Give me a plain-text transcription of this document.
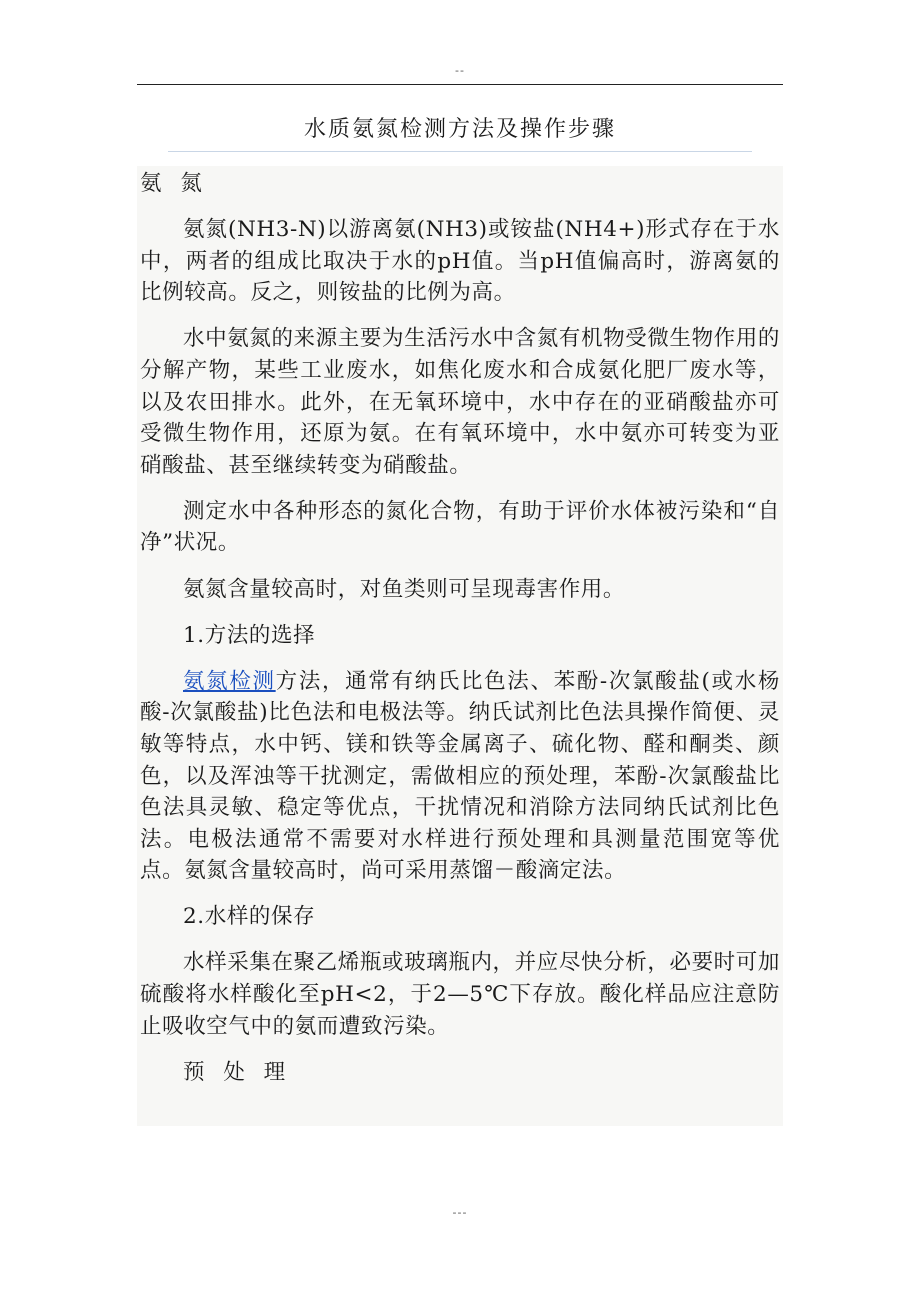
--
水质氨氮检测方法及操作步骤

氨 氮

氨氮(NH3-N)以游离氨(NH3)或铵盐(NH4+)形式存在于水中，两者的组成比取决于水的pH值。当pH值偏高时，游离氨的比例较高。反之，则铵盐的比例为高。

水中氨氮的来源主要为生活污水中含氮有机物受微生物作用的分解产物，某些工业废水，如焦化废水和合成氨化肥厂废水等，以及农田排水。此外，在无氧环境中，水中存在的亚硝酸盐亦可受微生物作用，还原为氨。在有氧环境中，水中氨亦可转变为亚硝酸盐、甚至继续转变为硝酸盐。

测定水中各种形态的氮化合物，有助于评价水体被污染和“自净”状况。

氨氮含量较高时，对鱼类则可呈现毒害作用。

1.方法的选择

氨氮检测方法，通常有纳氏比色法、苯酚-次氯酸盐(或水杨酸-次氯酸盐)比色法和电极法等。纳氏试剂比色法具操作简便、灵敏等特点，水中钙、镁和铁等金属离子、硫化物、醛和酮类、颜色，以及浑浊等干扰测定，需做相应的预处理，苯酚-次氯酸盐比色法具灵敏、稳定等优点，干扰情况和消除方法同纳氏试剂比色法。电极法通常不需要对水样进行预处理和具测量范围宽等优点。氨氮含量较高时，尚可采用蒸馏－酸滴定法。

2.水样的保存

水样采集在聚乙烯瓶或玻璃瓶内，并应尽快分析，必要时可加硫酸将水样酸化至pH<2，于2—5℃下存放。酸化样品应注意防止吸收空气中的氨而遭致污染。

预 处 理

---
